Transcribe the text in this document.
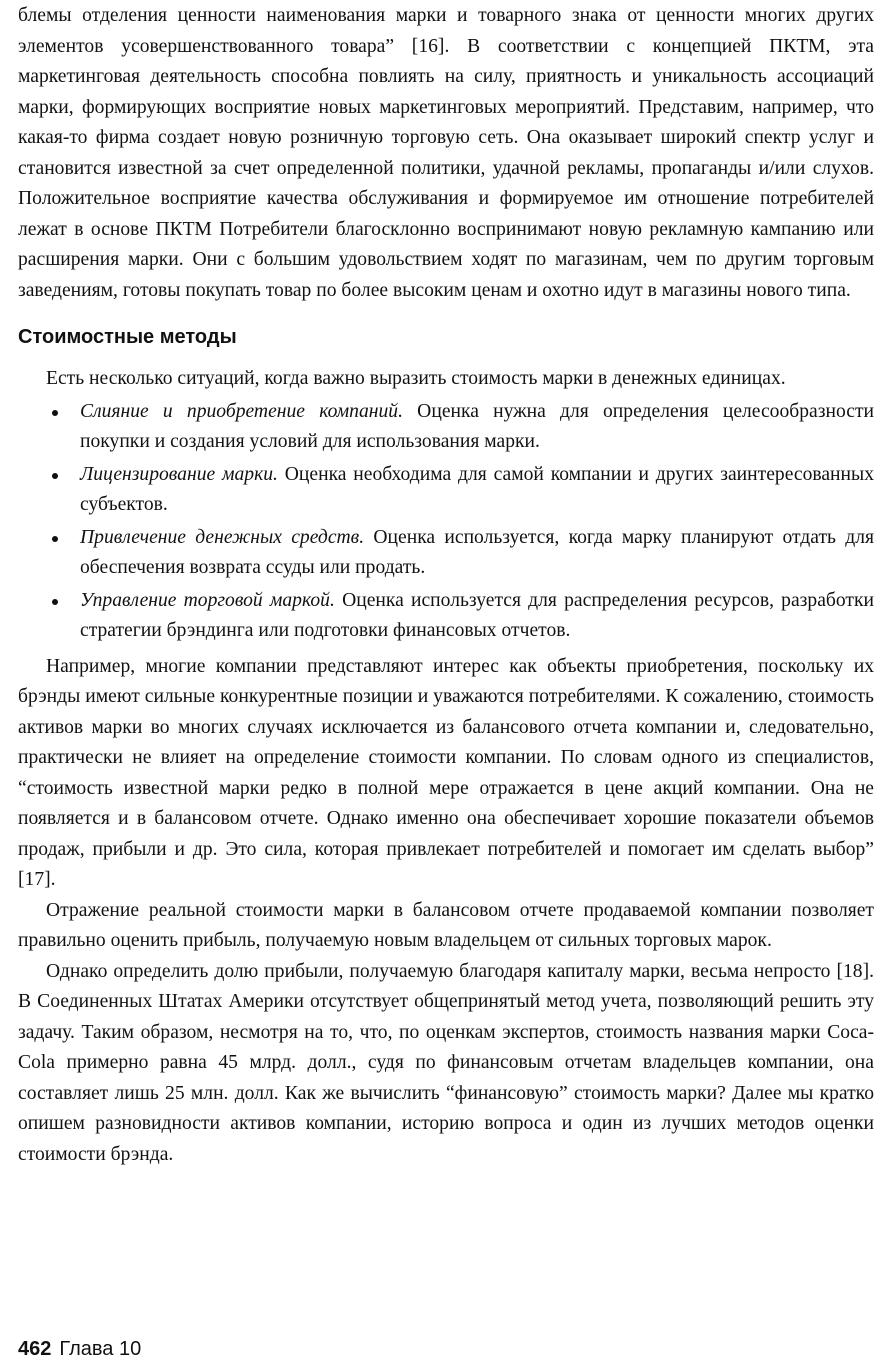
блемы отделения ценности наименования марки и товарного знака от ценности многих других элементов усовершенствованного товара” [16]. В соответствии с концепцией ПКТМ, эта маркетинговая деятельность способна повлиять на силу, приятность и уникальность ассоциаций марки, формирующих восприятие новых маркетинговых мероприятий. Представим, например, что какая-то фирма создает новую розничную торговую сеть. Она оказывает широкий спектр услуг и становится известной за счет определенной политики, удачной рекламы, пропаганды и/или слухов. Положительное восприятие качества обслуживания и формируемое им отношение потребителей лежат в основе ПКТМ Потребители благосклонно воспринимают новую рекламную кампанию или расширения марки. Они с большим удовольствием ходят по магазинам, чем по другим торговым заведениям, готовы покупать товар по более высоким ценам и охотно идут в магазины нового типа.

Стоимостные методы

Есть несколько ситуаций, когда важно выразить стоимость марки в денежных единицах.

Слияние и приобретение компаний. Оценка нужна для определения целесообразности покупки и создания условий для использования марки.
Лицензирование марки. Оценка необходима для самой компании и других заинтересованных субъектов.
Привлечение денежных средств. Оценка используется, когда марку планируют отдать для обеспечения возврата ссуды или продать.
Управление торговой маркой. Оценка используется для распределения ресурсов, разработки стратегии брэндинга или подготовки финансовых отчетов.

Например, многие компании представляют интерес как объекты приобретения, поскольку их брэнды имеют сильные конкурентные позиции и уважаются потребителями. К сожалению, стоимость активов марки во многих случаях исключается из балансового отчета компании и, следовательно, практически не влияет на определение стоимости компании. По словам одного из специалистов, “стоимость известной марки редко в полной мере отражается в цене акций компании. Она не появляется и в балансовом отчете. Однако именно она обеспечивает хорошие показатели объемов продаж, прибыли и др. Это сила, которая привлекает потребителей и помогает им сделать выбор” [17].

Отражение реальной стоимости марки в балансовом отчете продаваемой компании позволяет правильно оценить прибыль, получаемую новым владельцем от сильных торговых марок.

Однако определить долю прибыли, получаемую благодаря капиталу марки, весьма непросто [18]. В Соединенных Штатах Америки отсутствует общепринятый метод учета, позволяющий решить эту задачу. Таким образом, несмотря на то, что, по оценкам экспертов, стоимость названия марки Coca-Cola примерно равна 45 млрд. долл., судя по финансовым отчетам владельцев компании, она составляет лишь 25 млн. долл. Как же вычислить “финансовую” стоимость марки? Далее мы кратко опишем разновидности активов компании, историю вопроса и один из лучших методов оценки стоимости брэнда.

462 Глава 10
